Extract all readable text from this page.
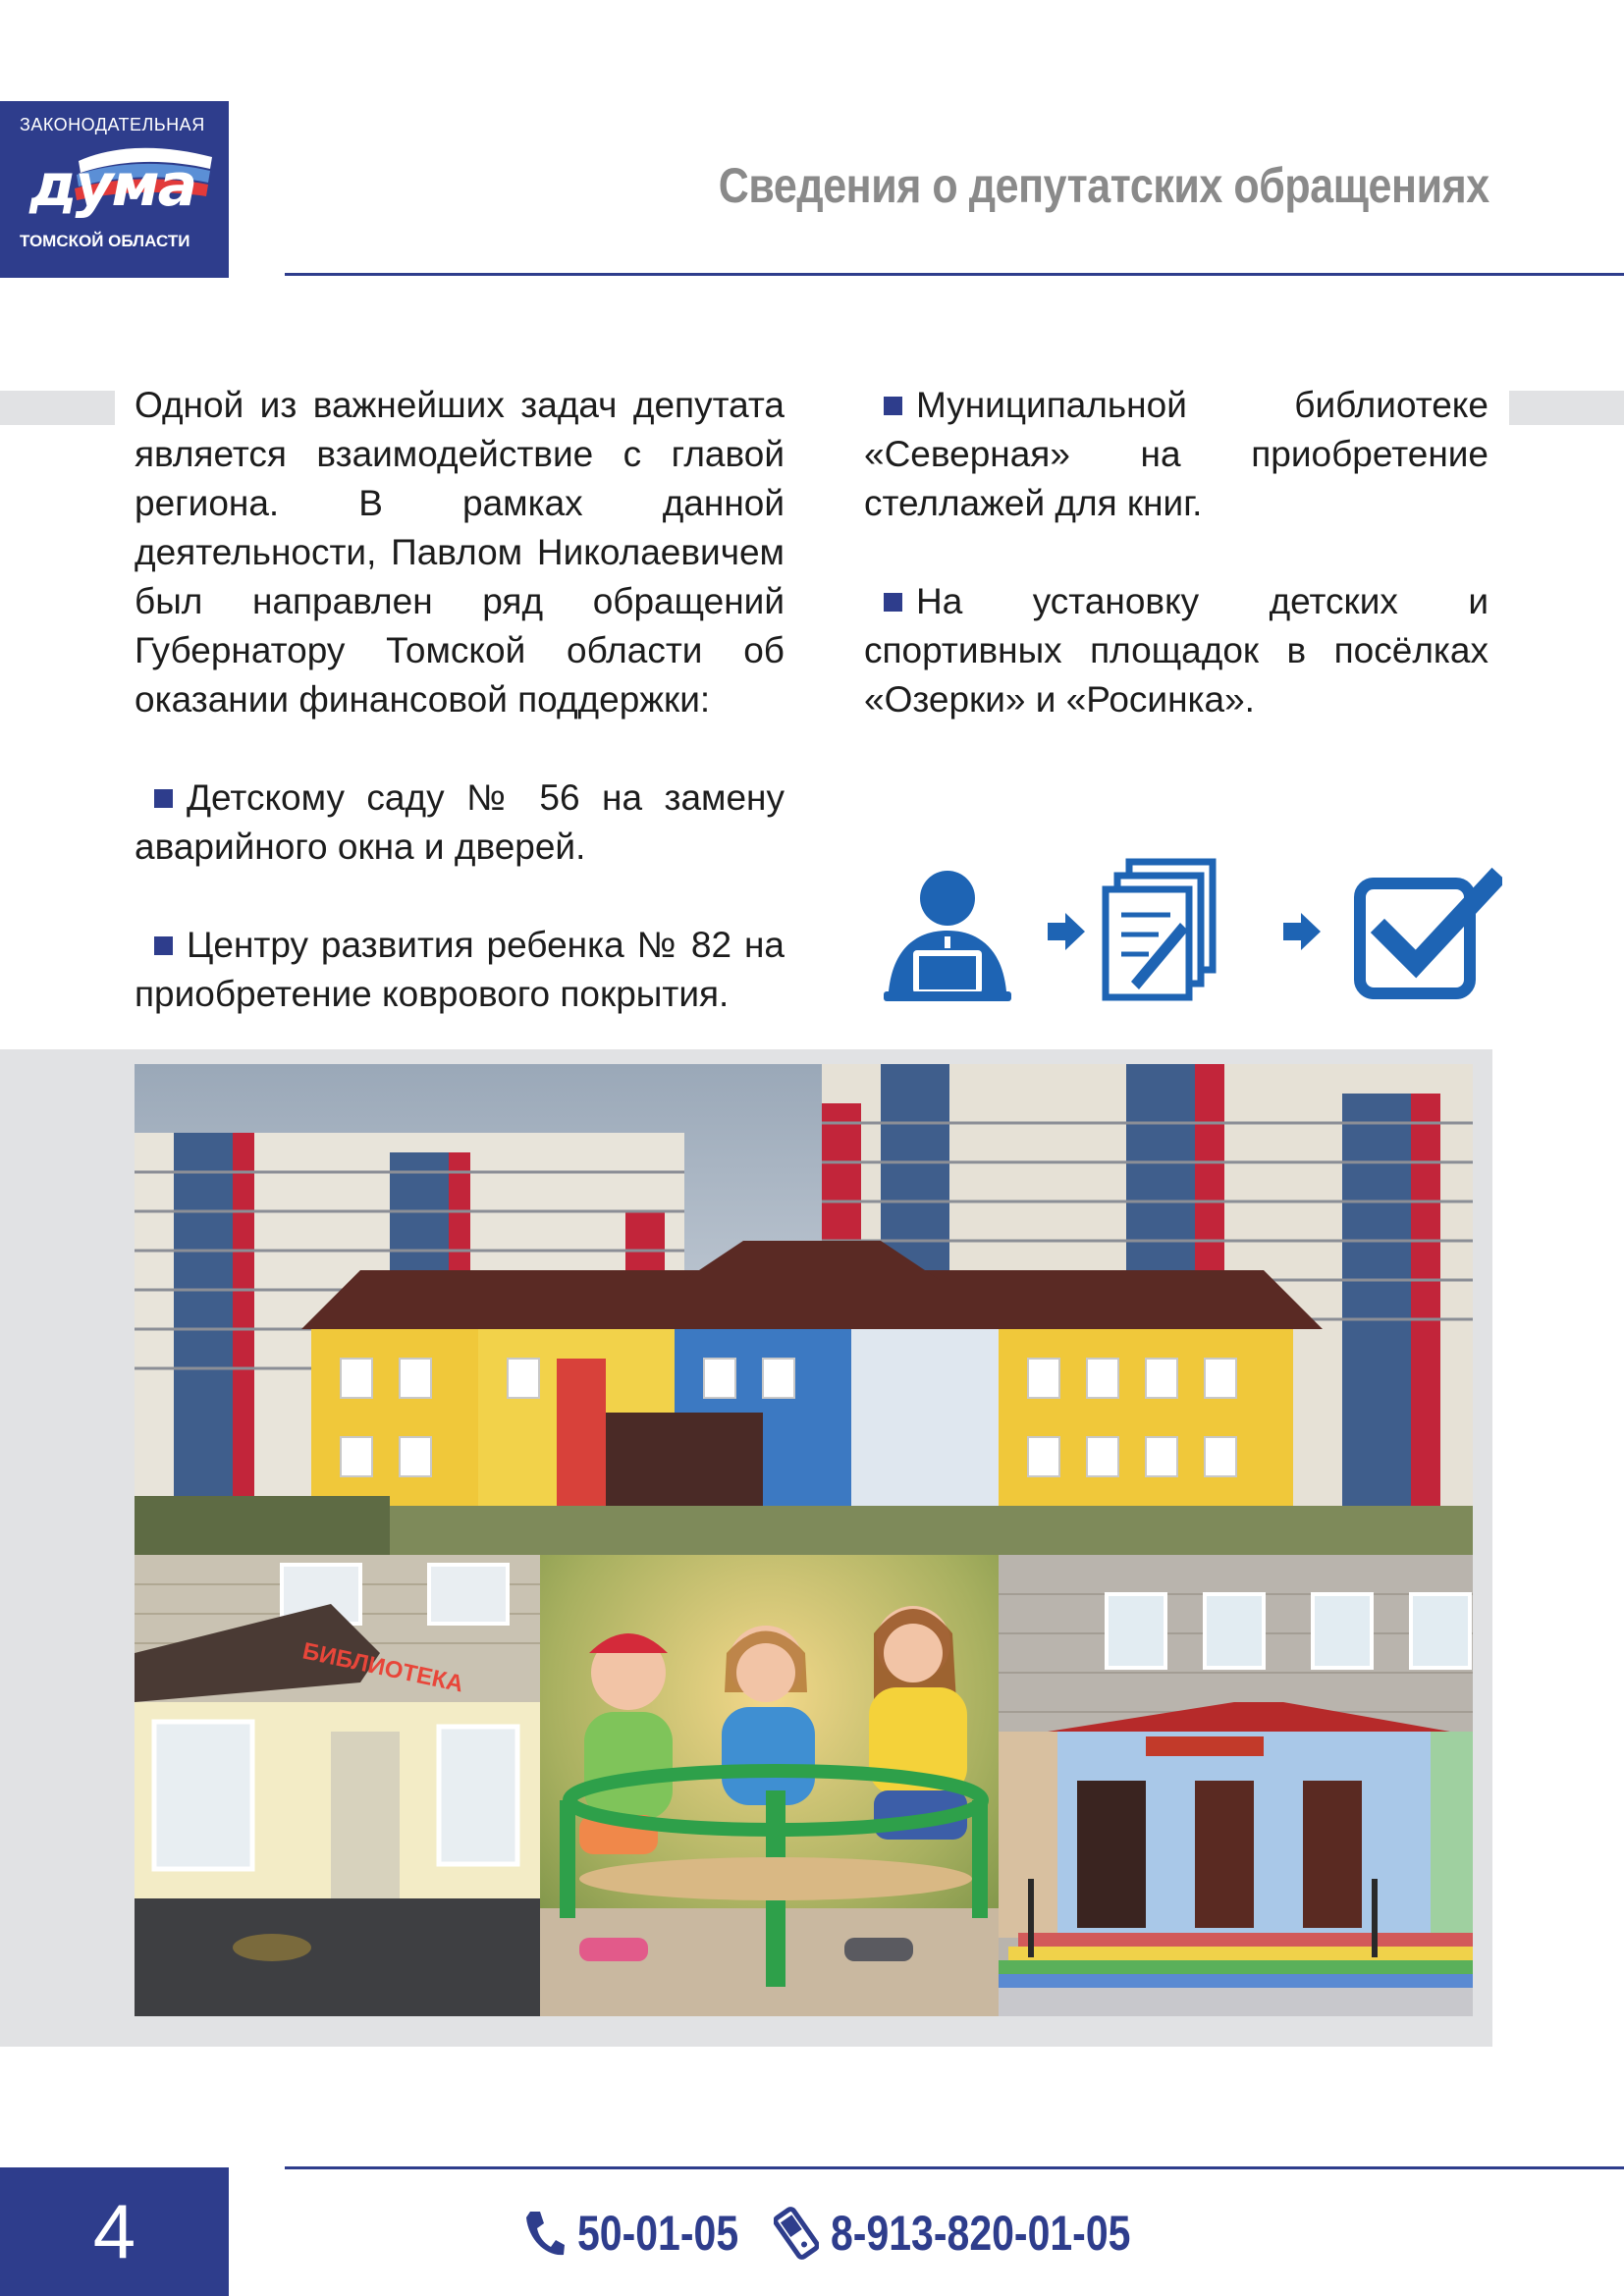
ЗАКОНОДАТЕЛЬНАЯ
дума
ТОМСКОЙ ОБЛАСТИ
Сведения о депутатских обращениях

Одной из важнейших задач депутата является взаимодействие с главой региона. В рамках данной деятельности, Павлом Николаевичем был направлен ряд обращений Губернатору Томской области об оказании финансовой поддержки:

Детскому саду № 56 на замену аварийного окна и дверей.

Центру развития ребенка № 82 на приобретение коврового покрытия.

Муниципальной библиотеке «Северная» на приобретение стеллажей для книг.

На установку детских и спортивных площадок в посёлках «Озерки» и «Росинка».

БИБЛИОТЕКА
4	50-01-05 8-913-820-01-05
